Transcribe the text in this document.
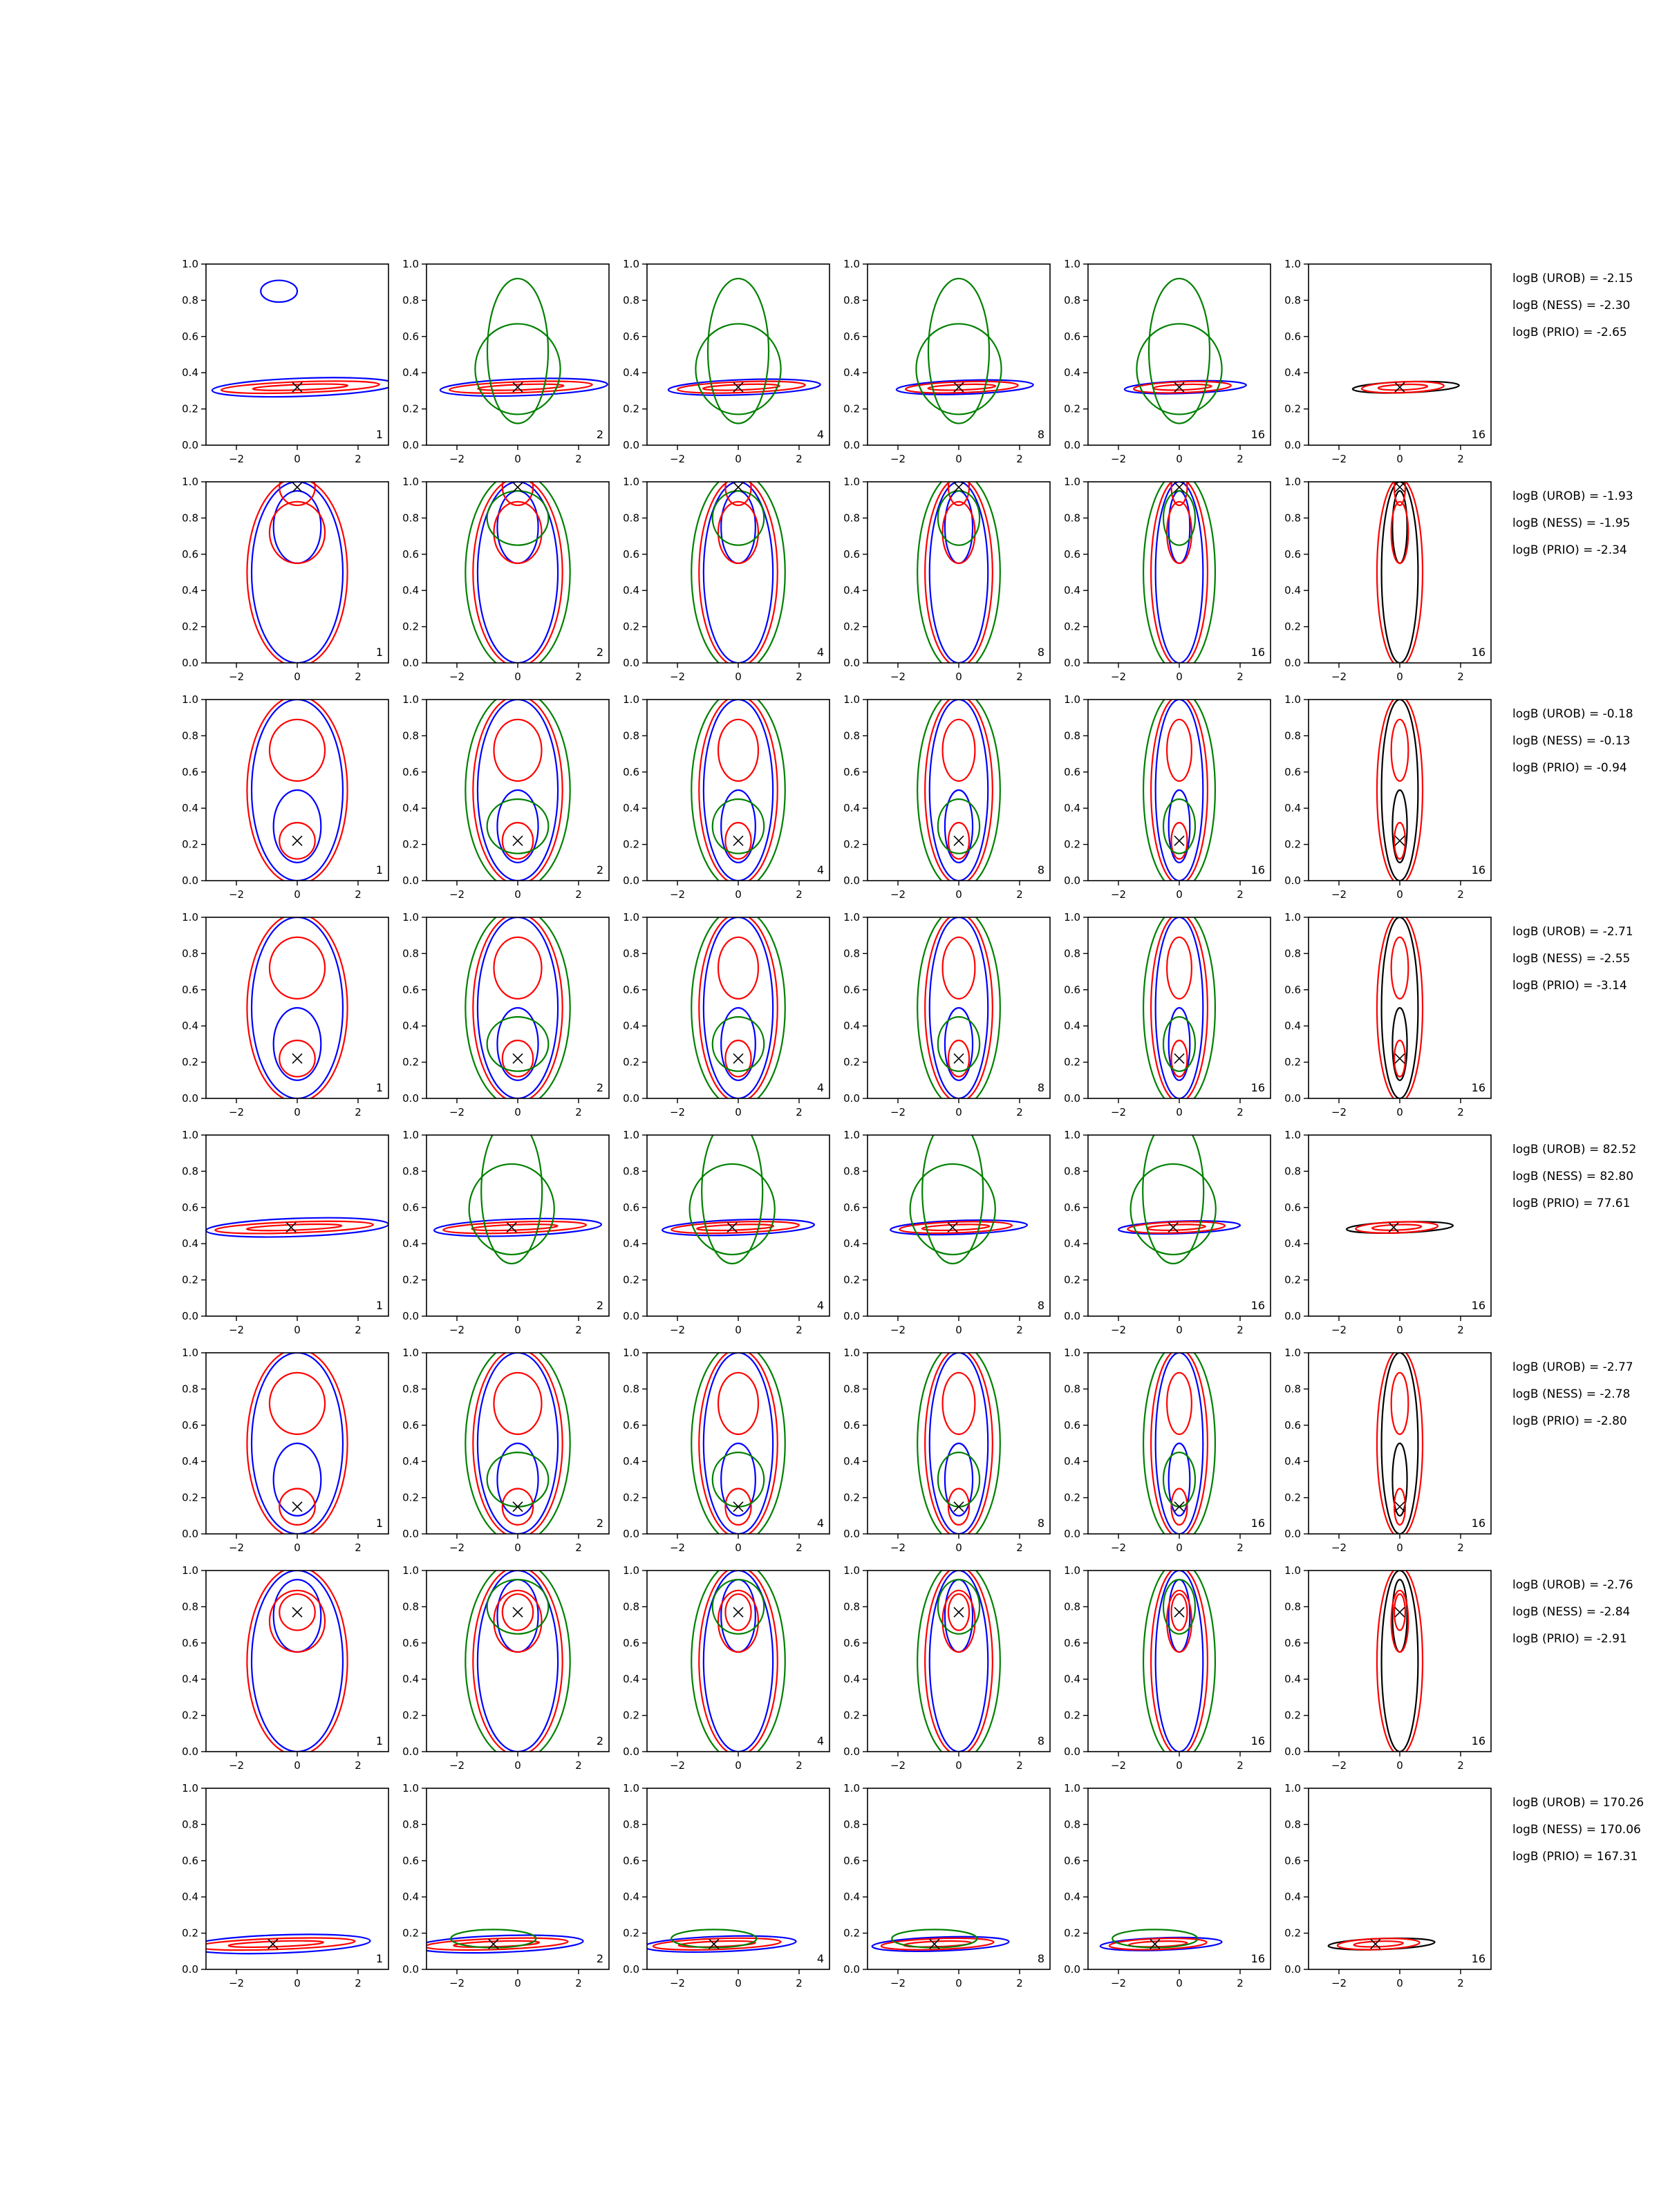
0.0
0.2
0.4
0.6
0.8
1.0
−2	0	2
1
0.0
0.2
0.4
0.6
0.8
1.0
−2	0	2
2
0.0
0.2
0.4
0.6
0.8
1.0
−2	0	2
4
0.0
0.2
0.4
0.6
0.8
1.0
−2	0	2
8
0.0
0.2
0.4
0.6
0.8
1.0
−2	0	2
16
0.0
0.2
0.4
0.6
0.8
1.0
−2	0	2
16
0.0
0.2
0.4
0.6
0.8
1.0
−2	0	2
1
0.0
0.2
0.4
0.6
0.8
1.0
−2	0	2
2
0.0
0.2
0.4
0.6
0.8
1.0
−2	0	2
4
0.0
0.2
0.4
0.6
0.8
1.0
−2	0	2
8
0.0
0.2
0.4
0.6
0.8
1.0
−2	0	2
16
0.0
0.2
0.4
0.6
0.8
1.0
−2	0	2
16
0.0
0.2
0.4
0.6
0.8
1.0
−2	0	2
1
0.0
0.2
0.4
0.6
0.8
1.0
−2	0	2
2
0.0
0.2
0.4
0.6
0.8
1.0
−2	0	2
4
0.0
0.2
0.4
0.6
0.8
1.0
−2	0	2
8
0.0
0.2
0.4
0.6
0.8
1.0
−2	0	2
16
0.0
0.2
0.4
0.6
0.8
1.0
−2	0	2
16
0.0
0.2
0.4
0.6
0.8
1.0
−2	0	2
1
0.0
0.2
0.4
0.6
0.8
1.0
−2	0	2
2
0.0
0.2
0.4
0.6
0.8
1.0
−2	0	2
4
0.0
0.2
0.4
0.6
0.8
1.0
−2	0	2
8
0.0
0.2
0.4
0.6
0.8
1.0
−2	0	2
16
0.0
0.2
0.4
0.6
0.8
1.0
−2	0	2
16
0.0
0.2
0.4
0.6
0.8
1.0
−2	0	2
1
0.0
0.2
0.4
0.6
0.8
1.0
−2	0	2
2
0.0
0.2
0.4
0.6
0.8
1.0
−2	0	2
4
0.0
0.2
0.4
0.6
0.8
1.0
−2	0	2
8
0.0
0.2
0.4
0.6
0.8
1.0
−2	0	2
16
0.0
0.2
0.4
0.6
0.8
1.0
−2	0	2
16
0.0
0.2
0.4
0.6
0.8
1.0
−2	0	2
1
0.0
0.2
0.4
0.6
0.8
1.0
−2	0	2
2
0.0
0.2
0.4
0.6
0.8
1.0
−2	0	2
4
0.0
0.2
0.4
0.6
0.8
1.0
−2	0	2
8
0.0
0.2
0.4
0.6
0.8
1.0
−2	0	2
16
0.0
0.2
0.4
0.6
0.8
1.0
−2	0	2
16
0.0
0.2
0.4
0.6
0.8
1.0
−2	0	2
1
0.0
0.2
0.4
0.6
0.8
1.0
−2	0	2
2
0.0
0.2
0.4
0.6
0.8
1.0
−2	0	2
4
0.0
0.2
0.4
0.6
0.8
1.0
−2	0	2
8
0.0
0.2
0.4
0.6
0.8
1.0
−2	0	2
16
0.0
0.2
0.4
0.6
0.8
1.0
−2	0	2
16
0.0
0.2
0.4
0.6
0.8
1.0
−2	0	2
1
0.0
0.2
0.4
0.6
0.8
1.0
−2	0	2
2
0.0
0.2
0.4
0.6
0.8
1.0
−2	0	2
4
0.0
0.2
0.4
0.6
0.8
1.0
−2	0	2
8
0.0
0.2
0.4
0.6
0.8
1.0
−2	0	2
16
0.0
0.2
0.4
0.6
0.8
1.0
−2	0	2
16
logB (UROB) = -2.15
logB (NESS) = -2.30
logB (PRIO) = -2.65
logB (UROB) = -1.93
logB (NESS) = -1.95
logB (PRIO) = -2.34
logB (UROB) = -0.18
logB (NESS) = -0.13
logB (PRIO) = -0.94
logB (UROB) = -2.71
logB (NESS) = -2.55
logB (PRIO) = -3.14
logB (UROB) = 82.52
logB (NESS) = 82.80
logB (PRIO) = 77.61
logB (UROB) = -2.77
logB (NESS) = -2.78
logB (PRIO) = -2.80
logB (UROB) = -2.76
logB (NESS) = -2.84
logB (PRIO) = -2.91
logB (UROB) = 170.26
logB (NESS) = 170.06
logB (PRIO) = 167.31
